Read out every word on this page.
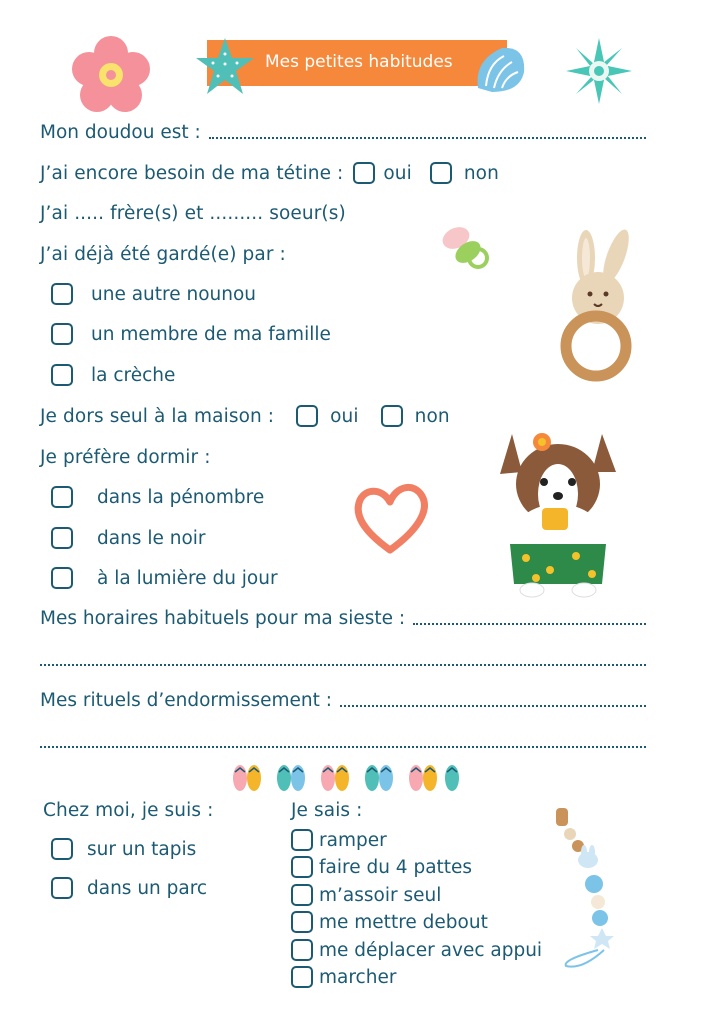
Mes petites habitudes
Mon doudou est :
J’ai encore besoin de ma tétine : oui	non
J’ai ..... frère(s) et ......... soeur(s)
J’ai déjà été gardé(e) par :
une autre nounou
un membre de ma famille
la crèche
Je dors seul à la maison :	oui	non
Je préfère dormir :
dans la pénombre
dans le noir
à la lumière du jour
Mes horaires habituels pour ma sieste :
Mes rituels d’endormissement :
Chez moi, je suis :
sur un tapis
dans un parc
Je sais :
ramper
faire du 4 pattes
m’assoir seul
me mettre debout
me déplacer avec appui
marcher
